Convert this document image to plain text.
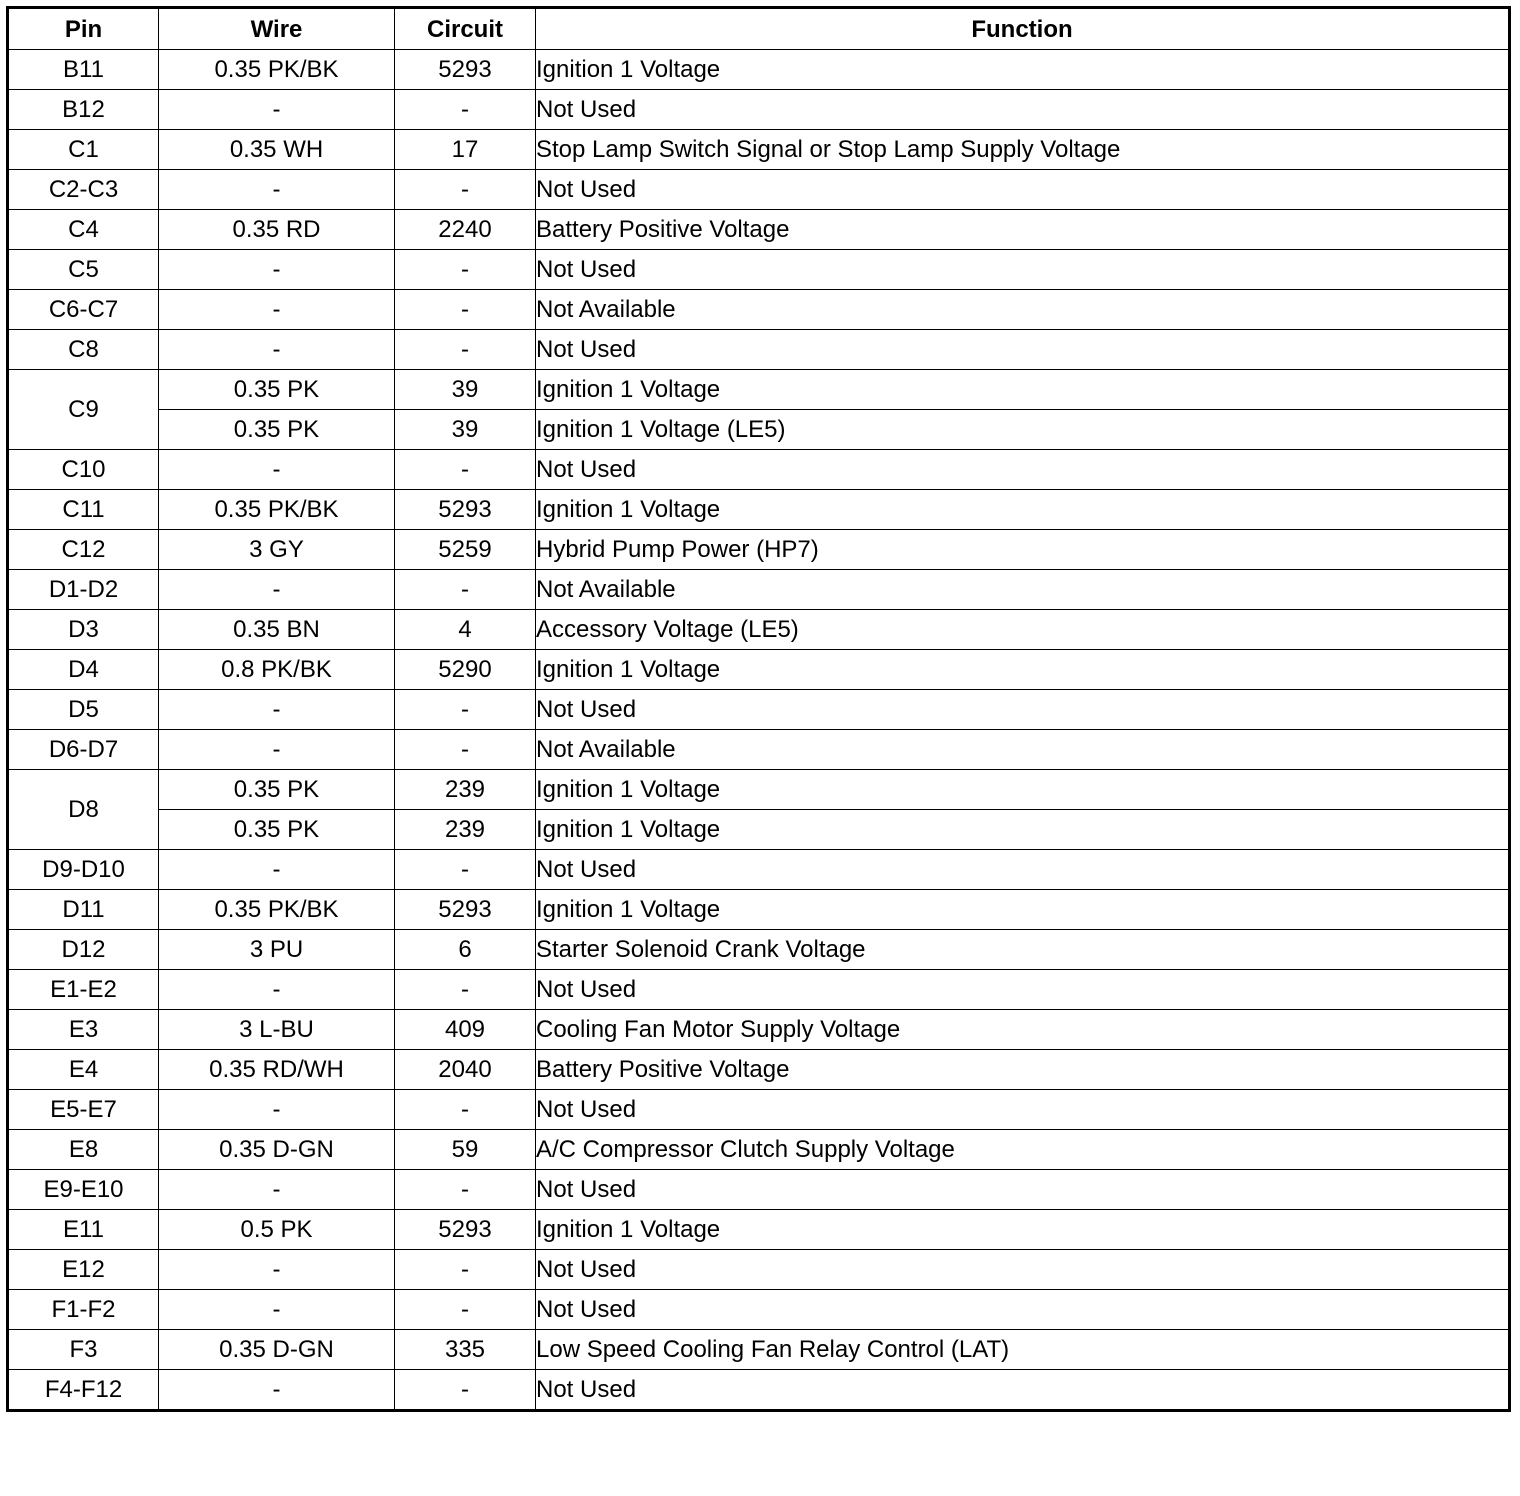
Pin	Wire	Circuit	Function
B11	0.35 PK/BK	5293	Ignition 1 Voltage
B12	-	-	Not Used
C1	0.35 WH	17	Stop Lamp Switch Signal or Stop Lamp Supply Voltage
C2-C3	-	-	Not Used
C4	0.35 RD	2240	Battery Positive Voltage
C5	-	-	Not Used
C6-C7	-	-	Not Available
C8	-	-	Not Used
C9	0.35 PK	39	Ignition 1 Voltage
	0.35 PK	39	Ignition 1 Voltage (LE5)
C10	-	-	Not Used
C11	0.35 PK/BK	5293	Ignition 1 Voltage
C12	3 GY	5259	Hybrid Pump Power (HP7)
D1-D2	-	-	Not Available
D3	0.35 BN	4	Accessory Voltage (LE5)
D4	0.8 PK/BK	5290	Ignition 1 Voltage
D5	-	-	Not Used
D6-D7	-	-	Not Available
D8	0.35 PK	239	Ignition 1 Voltage
	0.35 PK	239	Ignition 1 Voltage
D9-D10	-	-	Not Used
D11	0.35 PK/BK	5293	Ignition 1 Voltage
D12	3 PU	6	Starter Solenoid Crank Voltage
E1-E2	-	-	Not Used
E3	3 L-BU	409	Cooling Fan Motor Supply Voltage
E4	0.35 RD/WH	2040	Battery Positive Voltage
E5-E7	-	-	Not Used
E8	0.35 D-GN	59	A/C Compressor Clutch Supply Voltage
E9-E10	-	-	Not Used
E11	0.5 PK	5293	Ignition 1 Voltage
E12	-	-	Not Used
F1-F2	-	-	Not Used
F3	0.35 D-GN	335	Low Speed Cooling Fan Relay Control (LAT)
F4-F12	-	-	Not Used
